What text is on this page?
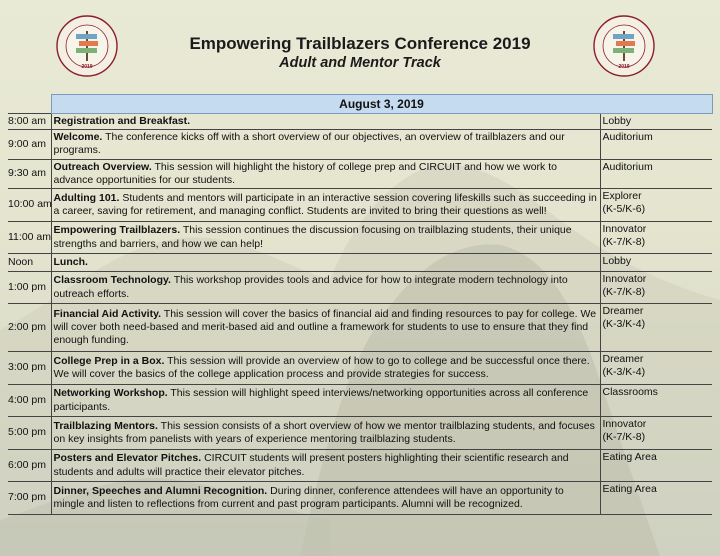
2019	2019
Empowering Trailblazers Conference 2019
Adult and Mentor Track
	August 3, 2019	
8:00 am	Registration and Breakfast.	Lobby

9:00 am	Welcome. The conference kicks off with a short overview of our objectives, an overview of trailblazers and our programs.	Auditorium

9:30 am	Outreach Overview. This session will highlight the history of college prep and CIRCUIT and how we work to advance opportunities for our students.	Auditorium

10:00 am	Adulting 101. Students and mentors will participate in an interactive session covering lifeskills such as succeeding in a career, saving for retirement, and managing conflict. Students are invited to bring their questions as well!	Explorer
(K-5/K-6)

11:00 am	Empowering Trailblazers. This session continues the discussion focusing on trailblazing students, their unique strengths and barriers, and how we can help!	Innovator
(K-7/K-8)

Noon	Lunch.	Lobby

1:00 pm	Classroom Technology. This workshop provides tools and advice for how to integrate modern technology into outreach efforts.	Innovator
(K-7/K-8)

2:00 pm	Financial Aid Activity. This session will cover the basics of financial aid and finding resources to pay for college. We will cover both need-based and merit-based aid and outline a framework for students to use to ensure that they find enough funding.	Dreamer
(K-3/K-4)

3:00 pm	College Prep in a Box. This session will provide an overview of how to go to college and be successful once there. We will cover the basics of the college application process and provide strategies for success.	Dreamer
(K-3/K-4)

4:00 pm	Networking Workshop. This session will highlight speed interviews/networking opportunities across all conference participants.	Classrooms

5:00 pm	Trailblazing Mentors. This session consists of a short overview of how we mentor trailblazing students, and focuses on key insights from panelists with years of experience mentoring trailblazing students.	Innovator
(K-7/K-8)

6:00 pm	Posters and Elevator Pitches. CIRCUIT students will present posters highlighting their scientific research and students and adults will practice their elevator pitches.	Eating Area

7:00 pm	Dinner, Speeches and Alumni Recognition. During dinner, conference attendees will have an opportunity to mingle and listen to reflections from current and past program participants. Alumni will be recognized.	Eating Area
